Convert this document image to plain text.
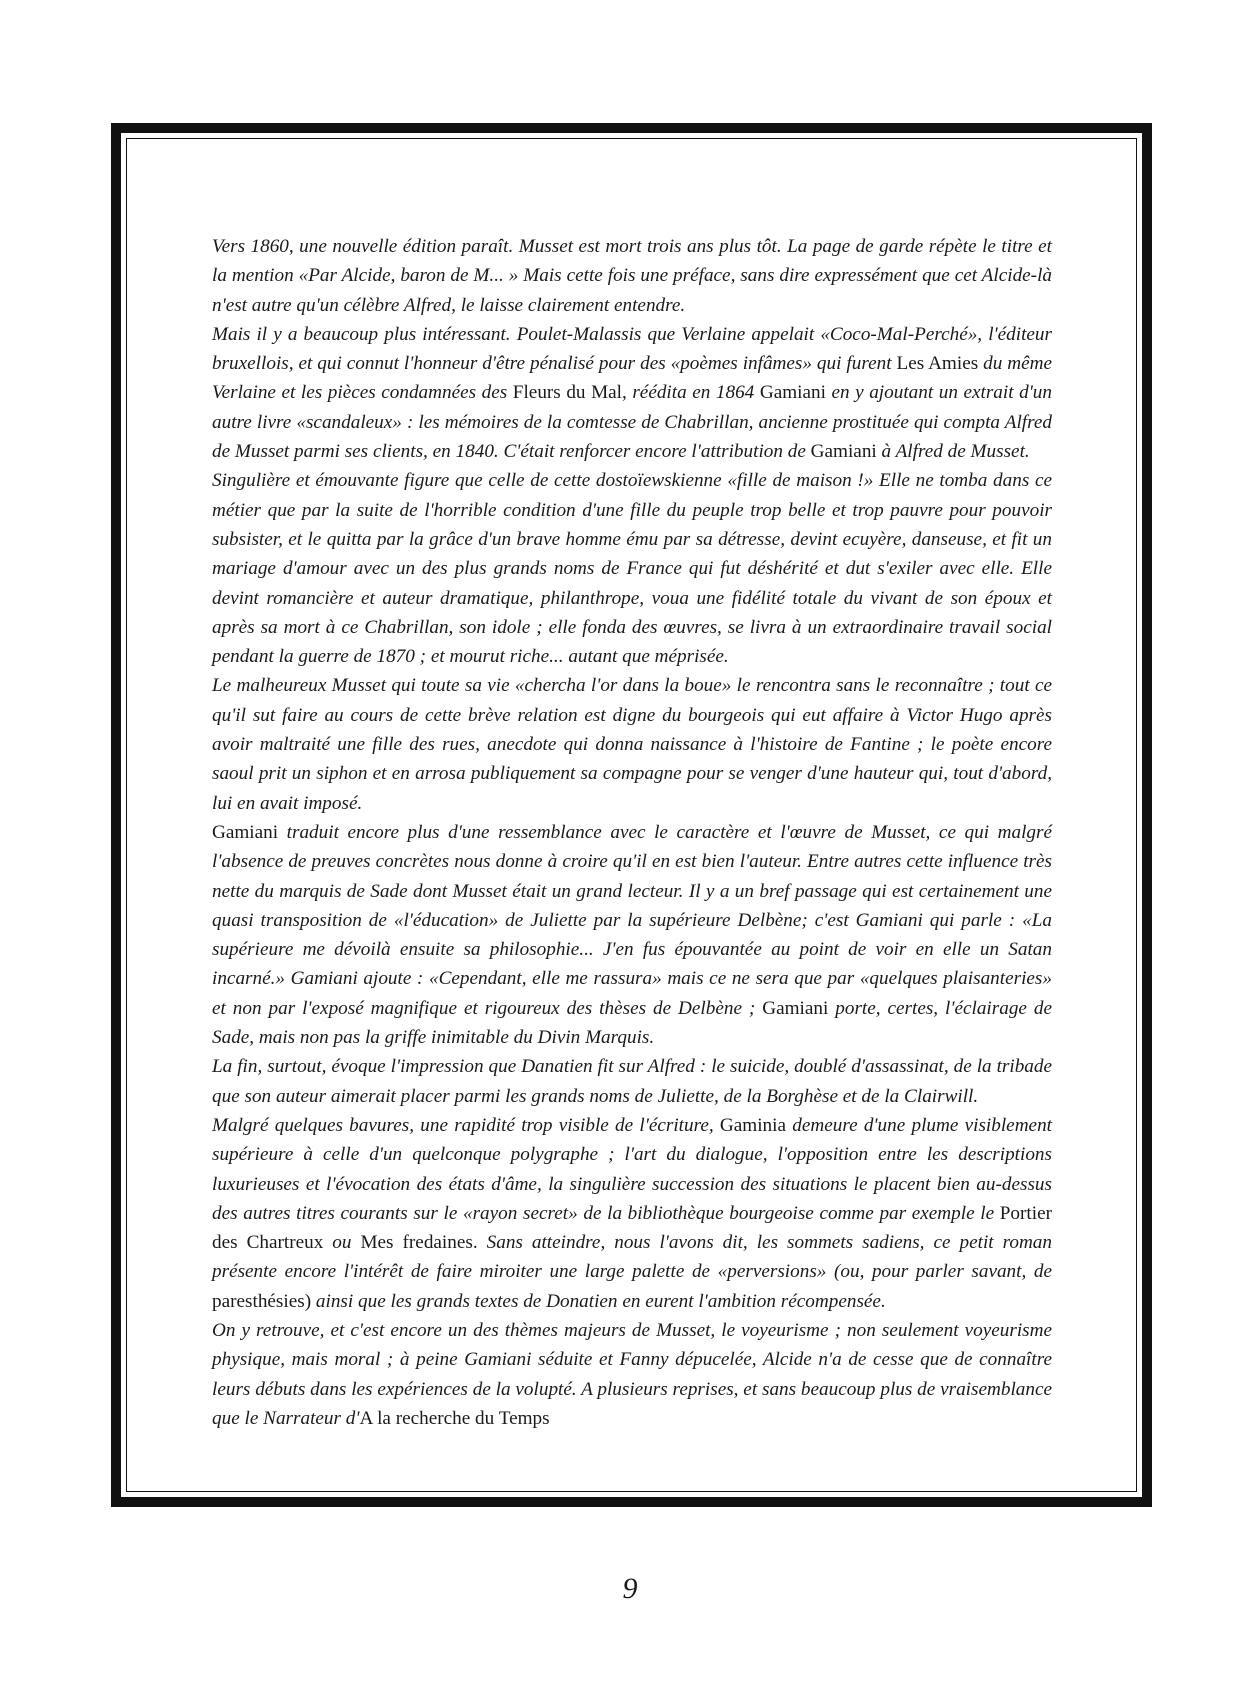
Vers 1860, une nouvelle édition paraît. Musset est mort trois ans plus tôt. La page de garde répète le titre et la mention «Par Alcide, baron de M... » Mais cette fois une préface, sans dire expressément que cet Alcide-là n'est autre qu'un célèbre Alfred, le laisse clairement entendre.

Mais il y a beaucoup plus intéressant. Poulet-Malassis que Verlaine appelait «Coco-Mal-Perché», l'éditeur bruxellois, et qui connut l'honneur d'être pénalisé pour des «poèmes infâmes» qui furent Les Amies du même Verlaine et les pièces condamnées des Fleurs du Mal, réédita en 1864 Gamiani en y ajoutant un extrait d'un autre livre «scandaleux» : les mémoires de la comtesse de Chabrillan, ancienne prostituée qui compta Alfred de Musset parmi ses clients, en 1840. C'était renforcer encore l'attribution de Gamiani à Alfred de Musset.

Singulière et émouvante figure que celle de cette dostoïewskienne «fille de maison !» Elle ne tomba dans ce métier que par la suite de l'horrible condition d'une fille du peuple trop belle et trop pauvre pour pouvoir subsister, et le quitta par la grâce d'un brave homme ému par sa détresse, devint ecuyère, danseuse, et fit un mariage d'amour avec un des plus grands noms de France qui fut déshérité et dut s'exiler avec elle. Elle devint romancière et auteur dramatique, philanthrope, voua une fidélité totale du vivant de son époux et après sa mort à ce Chabrillan, son idole ; elle fonda des œuvres, se livra à un extraordinaire travail social pendant la guerre de 1870 ; et mourut riche... autant que méprisée.

Le malheureux Musset qui toute sa vie «chercha l'or dans la boue» le rencontra sans le reconnaître ; tout ce qu'il sut faire au cours de cette brève relation est digne du bourgeois qui eut affaire à Victor Hugo après avoir maltraité une fille des rues, anecdote qui donna naissance à l'histoire de Fantine ; le poète encore saoul prit un siphon et en arrosa publiquement sa compagne pour se venger d'une hauteur qui, tout d'abord, lui en avait imposé.

Gamiani traduit encore plus d'une ressemblance avec le caractère et l'œuvre de Musset, ce qui malgré l'absence de preuves concrètes nous donne à croire qu'il en est bien l'auteur. Entre autres cette influence très nette du marquis de Sade dont Musset était un grand lecteur. Il y a un bref passage qui est certainement une quasi transposition de «l'éducation» de Juliette par la supérieure Delbène; c'est Gamiani qui parle : «La supérieure me dévoilà ensuite sa philosophie... J'en fus épouvantée au point de voir en elle un Satan incarné.» Gamiani ajoute : «Cependant, elle me rassura» mais ce ne sera que par «quelques plaisanteries» et non par l'exposé magnifique et rigoureux des thèses de Delbène ; Gamiani porte, certes, l'éclairage de Sade, mais non pas la griffe inimitable du Divin Marquis.

La fin, surtout, évoque l'impression que Danatien fit sur Alfred : le suicide, doublé d'assassinat, de la tribade que son auteur aimerait placer parmi les grands noms de Juliette, de la Borghèse et de la Clairwill.

Malgré quelques bavures, une rapidité trop visible de l'écriture, Gaminia demeure d'une plume visiblement supérieure à celle d'un quelconque polygraphe ; l'art du dialogue, l'opposition entre les descriptions luxurieuses et l'évocation des états d'âme, la singulière succession des situations le placent bien au-dessus des autres titres courants sur le «rayon secret» de la bibliothèque bourgeoise comme par exemple le Portier des Chartreux ou Mes fredaines. Sans atteindre, nous l'avons dit, les sommets sadiens, ce petit roman présente encore l'intérêt de faire miroiter une large palette de «perversions» (ou, pour parler savant, de paresthésies) ainsi que les grands textes de Donatien en eurent l'ambition récompensée.

On y retrouve, et c'est encore un des thèmes majeurs de Musset, le voyeurisme ; non seulement voyeurisme physique, mais moral ; à peine Gamiani séduite et Fanny dépucelée, Alcide n'a de cesse que de connaître leurs débuts dans les expériences de la volupté. A plusieurs reprises, et sans beaucoup plus de vraisemblance que le Narrateur d'A la recherche du Temps

9
